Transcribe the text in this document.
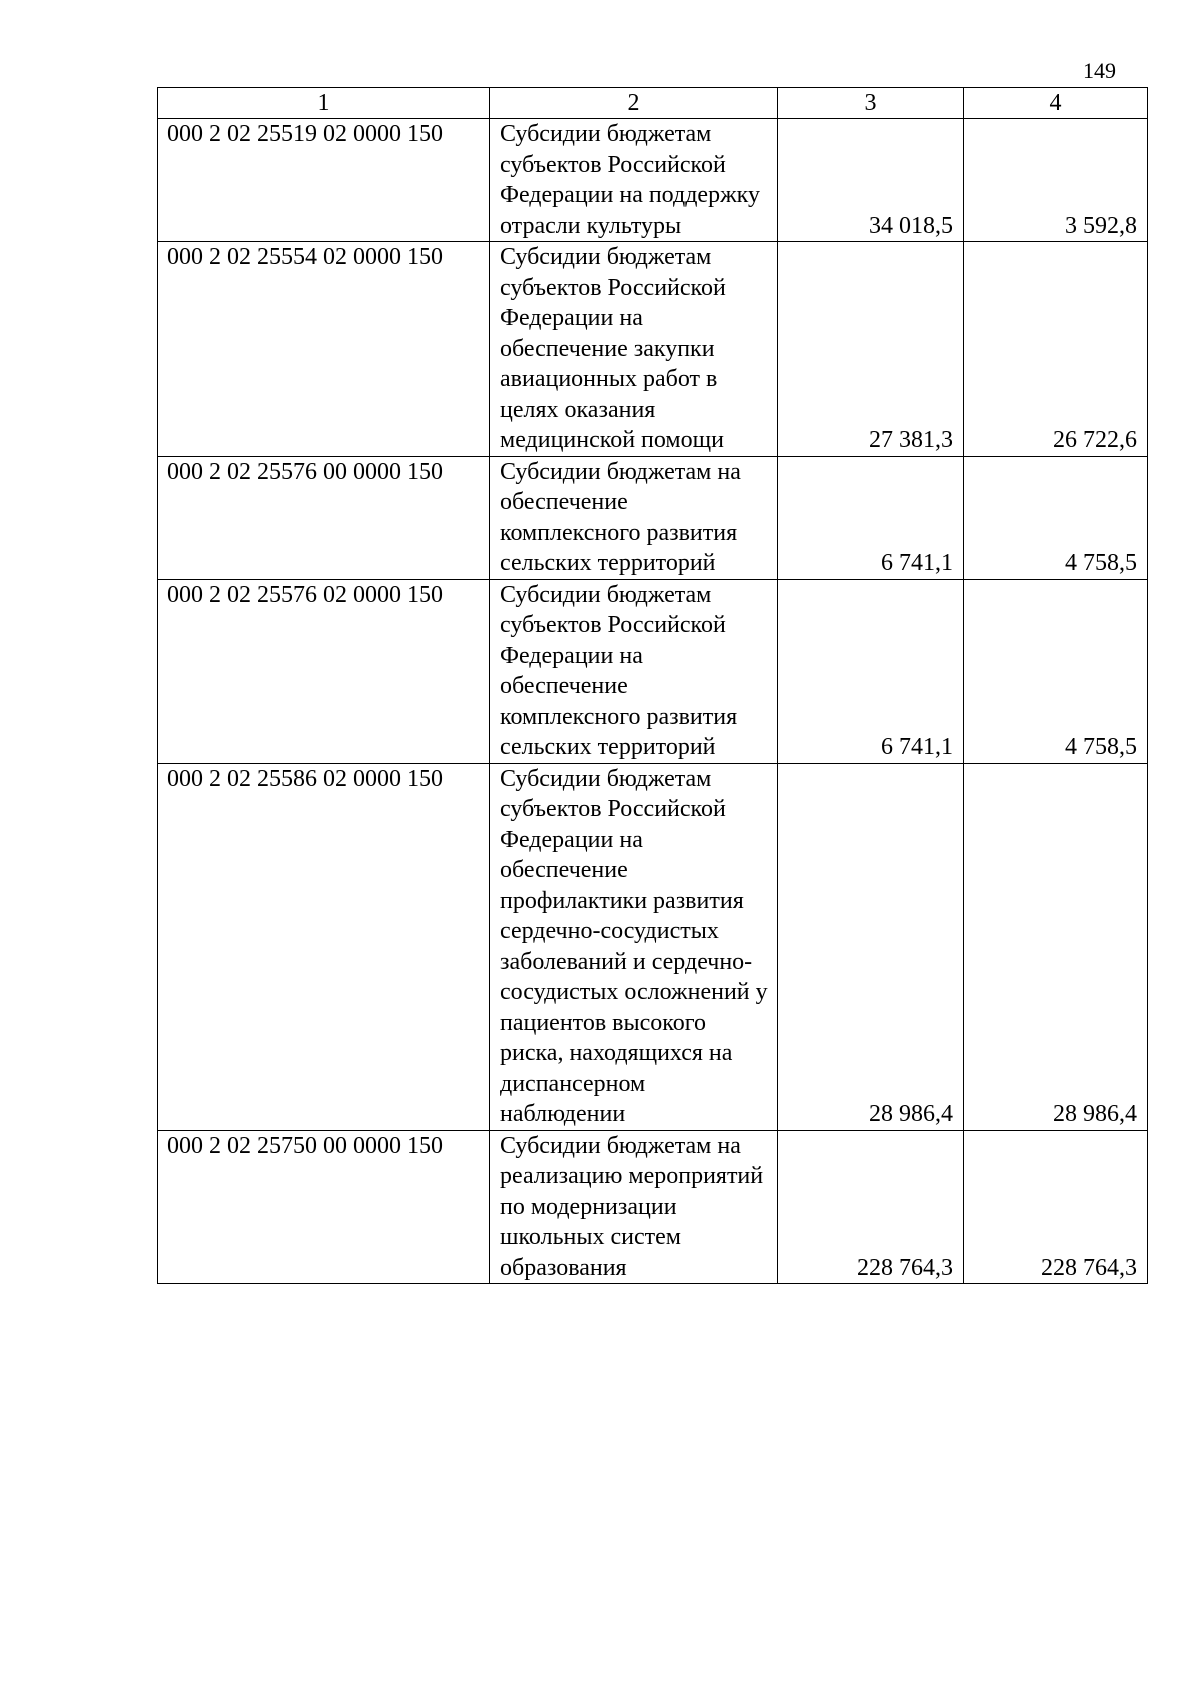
149
1	2	3	4
000 2 02 25519 02 0000 150	Субсидии бюджетам субъектов Российской Федерации на поддержку отрасли культуры	34 018,5	3 592,8
000 2 02 25554 02 0000 150	Субсидии бюджетам субъектов Российской Федерации на обеспечение закупки авиационных работ в целях оказания медицинской помощи	27 381,3	26 722,6
000 2 02 25576 00 0000 150	Субсидии бюджетам на обеспечение комплексного развития сельских территорий	6 741,1	4 758,5
000 2 02 25576 02 0000 150	Субсидии бюджетам субъектов Российской Федерации на обеспечение комплексного развития сельских территорий	6 741,1	4 758,5
000 2 02 25586 02 0000 150	Субсидии бюджетам субъектов Российской Федерации на обеспечение профилактики развития сердечно-сосудистых заболеваний и сердечно-сосудистых осложнений у пациентов высокого риска, находящихся на диспансерном наблюдении	28 986,4	28 986,4
000 2 02 25750 00 0000 150	Субсидии бюджетам на реализацию мероприятий по модернизации школьных систем образования	228 764,3	228 764,3
